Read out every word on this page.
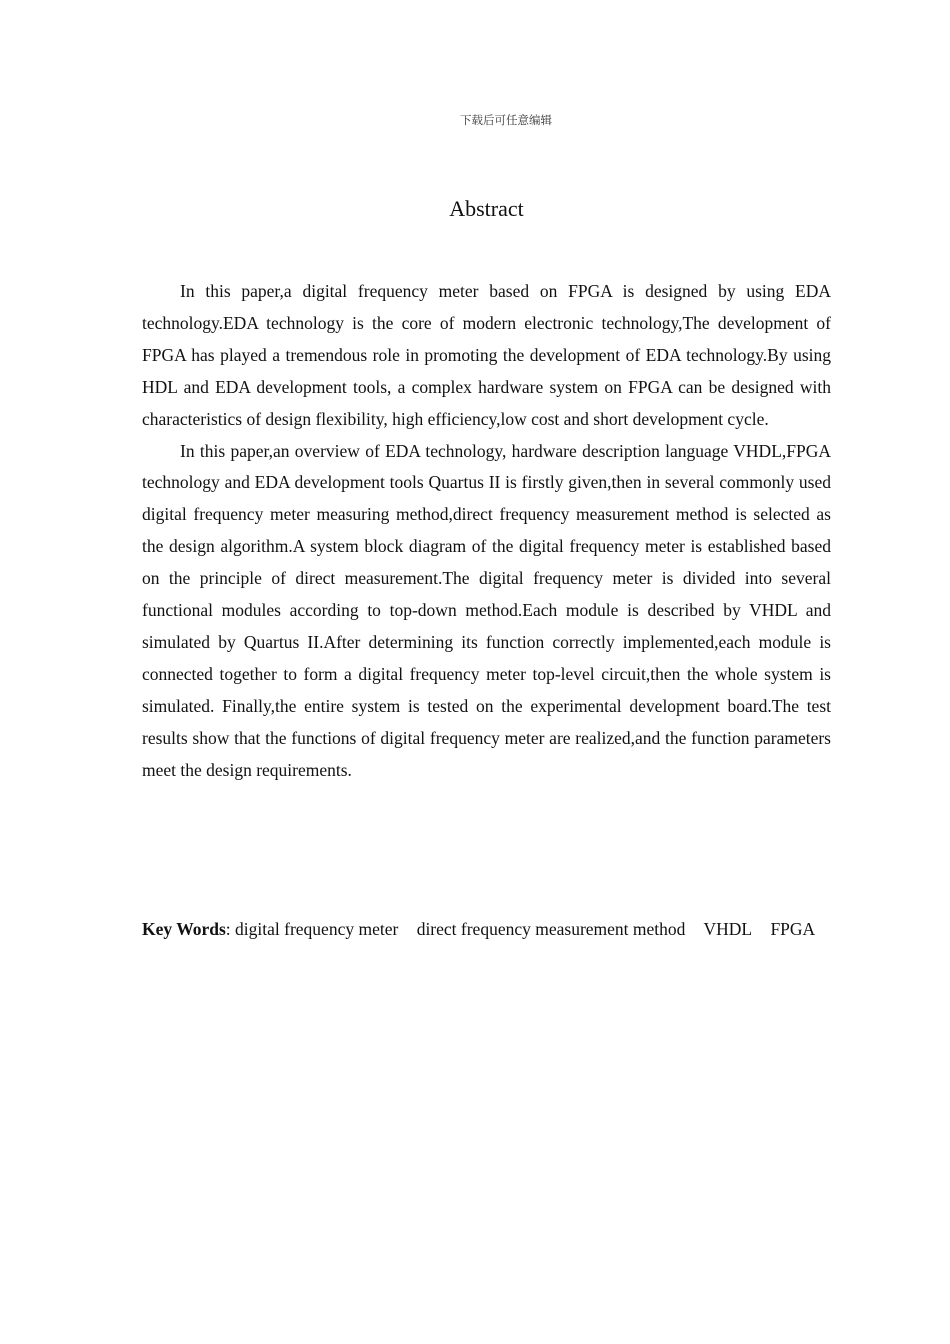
下载后可任意编辑
Abstract

In this paper,a digital frequency meter based on FPGA is designed by using EDA technology.EDA technology is the core of modern electronic technology,The development of FPGA has played a tremendous role in promoting the development of EDA technology.By using HDL and EDA development tools, a complex hardware system on FPGA can be designed with characteristics of design flexibility, high efficiency,low cost and short development cycle.

In this paper,an overview of EDA technology, hardware description language VHDL,FPGA technology and EDA development tools Quartus II is firstly given,then in several commonly used digital frequency meter measuring method,direct frequency measurement method is selected as the design algorithm.A system block diagram of the digital frequency meter is established based on the principle of direct measurement.The digital frequency meter is divided into several functional modules according to top-down method.Each module is described by VHDL and simulated by Quartus II.After determining its function correctly implemented,each module is connected together to form a digital frequency meter top-level circuit,then the whole system is simulated. Finally,the entire system is tested on the experimental development board.The test results show that the functions of digital frequency meter are realized,and the function parameters meet the design requirements.

Key Words: digital frequency meter direct frequency measurement method VHDL FPGA
